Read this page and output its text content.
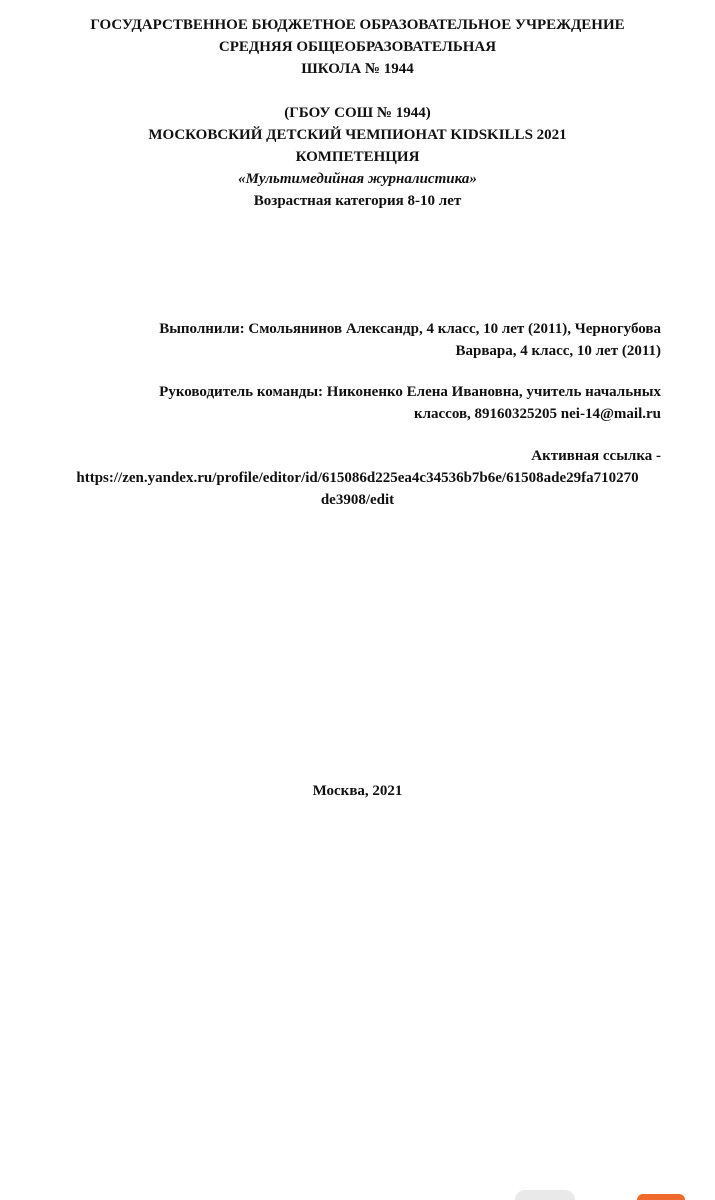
ГОСУДАРСТВЕННОЕ БЮДЖЕТНОЕ ОБРАЗОВАТЕЛЬНОЕ УЧРЕЖДЕНИЕ
СРЕДНЯЯ ОБЩЕОБРАЗОВАТЕЛЬНАЯ
ШКОЛА № 1944
(ГБОУ СОШ № 1944)
МОСКОВСКИЙ ДЕТСКИЙ ЧЕМПИОНАТ KIDSKILLS 2021
КОМПЕТЕНЦИЯ
«Мультимедийная журналистика»
Возрастная категория 8-10 лет
Выполнили: Смольянинов Александр, 4 класс, 10 лет (2011), Черногубова
Варвара, 4 класс, 10 лет (2011)
Руководитель команды: Никоненко Елена Ивановна, учитель начальных
классов, 89160325205 nei-14@mail.ru
Активная ссылка -
https://zen.yandex.ru/profile/editor/id/615086d225ea4c34536b7b6e/61508ade29fa710270
de3908/edit
Москва, 2021
